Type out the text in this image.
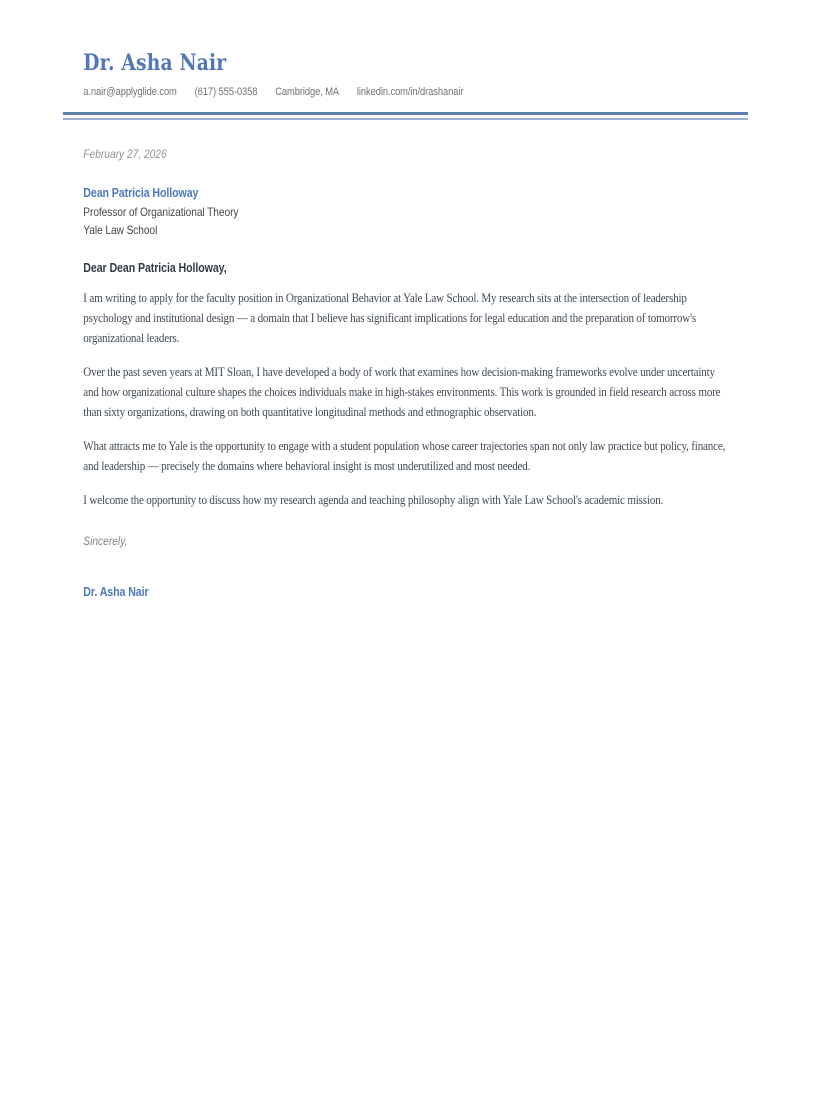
Dr. Asha Nair
a.nair@applyglide.com (617) 555-0358 Cambridge, MA linkedin.com/in/drashanair
February 27, 2026
Dean Patricia Holloway
Professor of Organizational Theory
Yale Law School
Dear Dean Patricia Holloway,

I am writing to apply for the faculty position in Organizational Behavior at Yale Law School. My research sits at the intersection of leadership psychology and institutional design — a domain that I believe has significant implications for legal education and the preparation of tomorrow's organizational leaders.

Over the past seven years at MIT Sloan, I have developed a body of work that examines how decision-making frameworks evolve under uncertainty and how organizational culture shapes the choices individuals make in high-stakes environments. This work is grounded in field research across more than sixty organizations, drawing on both quantitative longitudinal methods and ethnographic observation.

What attracts me to Yale is the opportunity to engage with a student population whose career trajectories span not only law practice but policy, finance, and leadership — precisely the domains where behavioral insight is most underutilized and most needed.

I welcome the opportunity to discuss how my research agenda and teaching philosophy align with Yale Law School's academic mission.

Sincerely,
Dr. Asha Nair
